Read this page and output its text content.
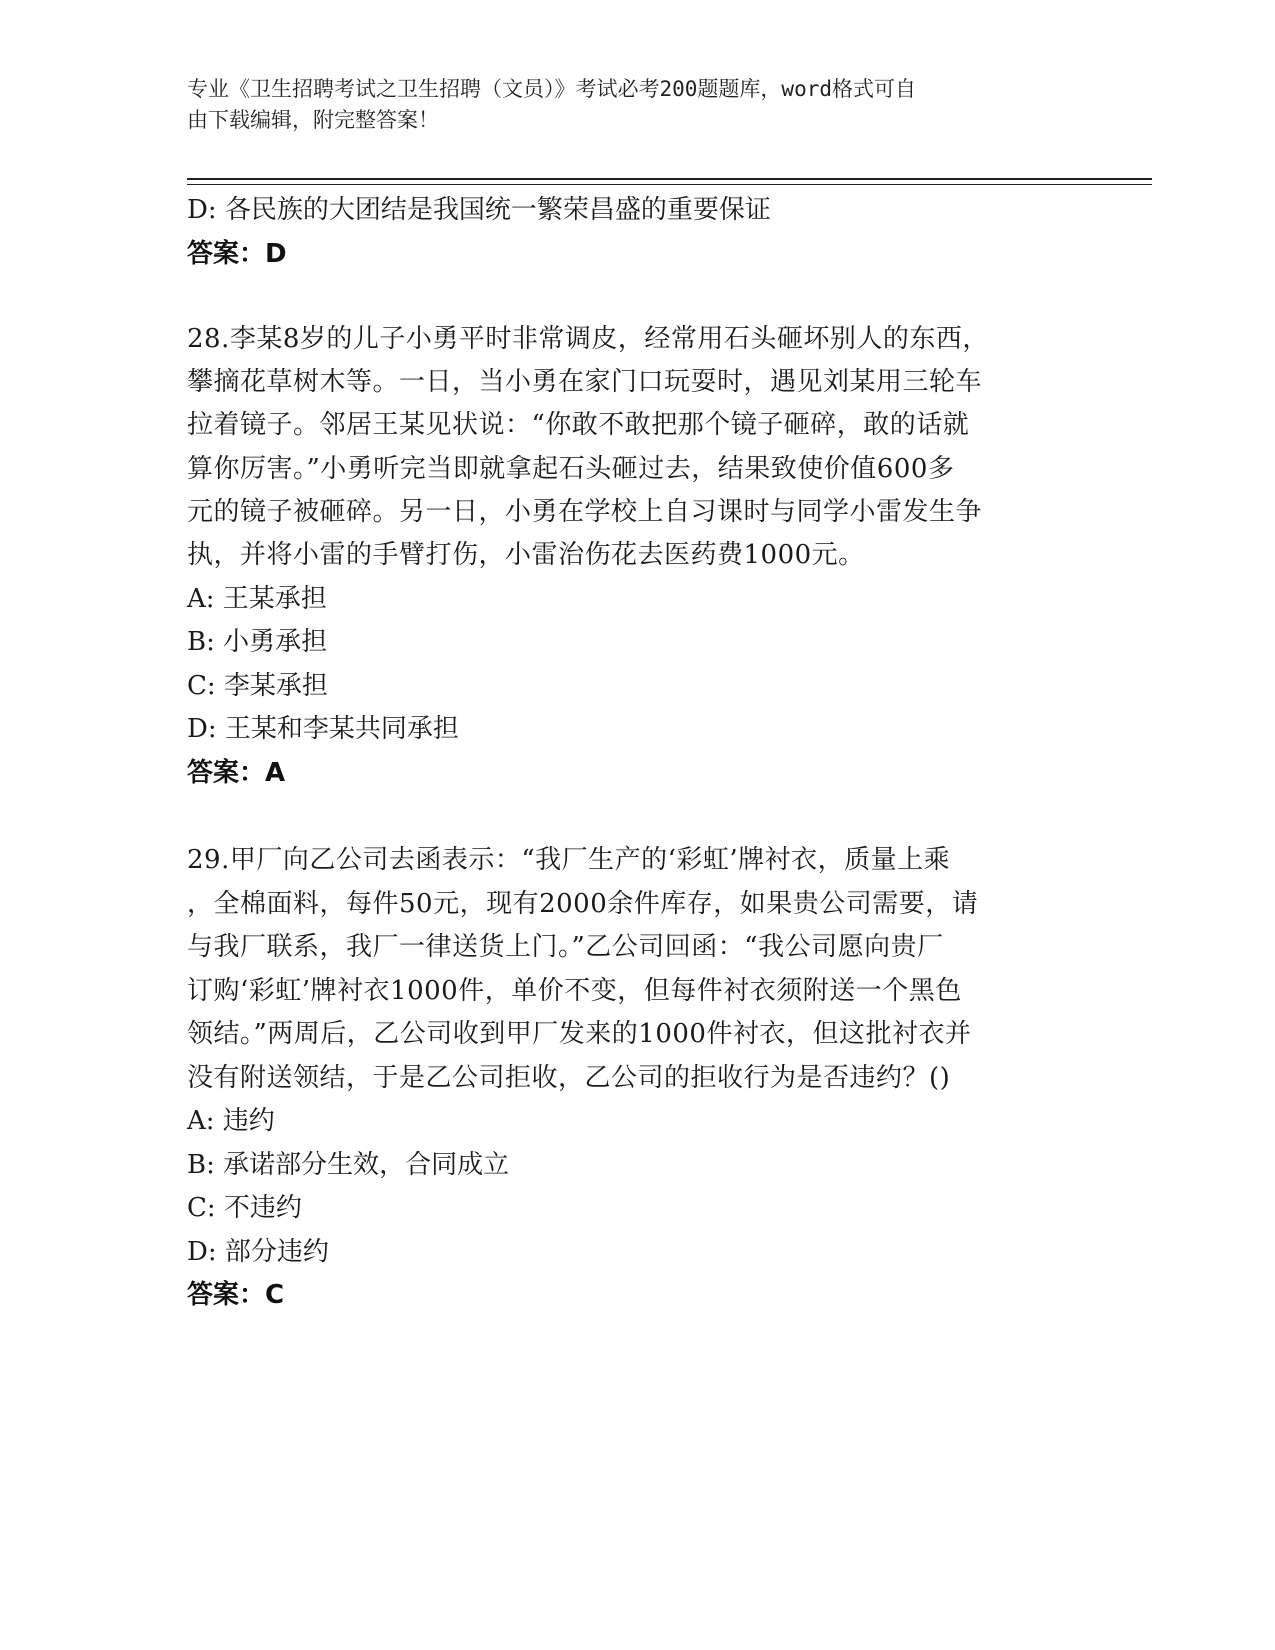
专业《卫生招聘考试之卫生招聘（文员）》考试必考200题题库，word格式可自
由下载编辑，附完整答案！
D: 各民族的大团结是我国统一繁荣昌盛的重要保证
答案：D
28.李某8岁的儿子小勇平时非常调皮，经常用石头砸坏别人的东西，
攀摘花草树木等。一日，当小勇在家门口玩耍时，遇见刘某用三轮车
拉着镜子。邻居王某见状说：“你敢不敢把那个镜子砸碎，敢的话就
算你厉害。”小勇听完当即就拿起石头砸过去，结果致使价值600多
元的镜子被砸碎。另一日，小勇在学校上自习课时与同学小雷发生争
执，并将小雷的手臂打伤，小雷治伤花去医药费1000元。
A: 王某承担
B: 小勇承担
C: 李某承担
D: 王某和李某共同承担
答案：A
29.甲厂向乙公司去函表示：“我厂生产的‘彩虹’牌衬衣，质量上乘
，全棉面料，每件50元，现有2000余件库存，如果贵公司需要，请
与我厂联系，我厂一律送货上门。”乙公司回函：“我公司愿向贵厂
订购‘彩虹’牌衬衣1000件，单价不变，但每件衬衣须附送一个黑色
领结。”两周后，乙公司收到甲厂发来的1000件衬衣，但这批衬衣并
没有附送领结，于是乙公司拒收，乙公司的拒收行为是否违约？()
A: 违约
B: 承诺部分生效，合同成立
C: 不违约
D: 部分违约
答案：C
